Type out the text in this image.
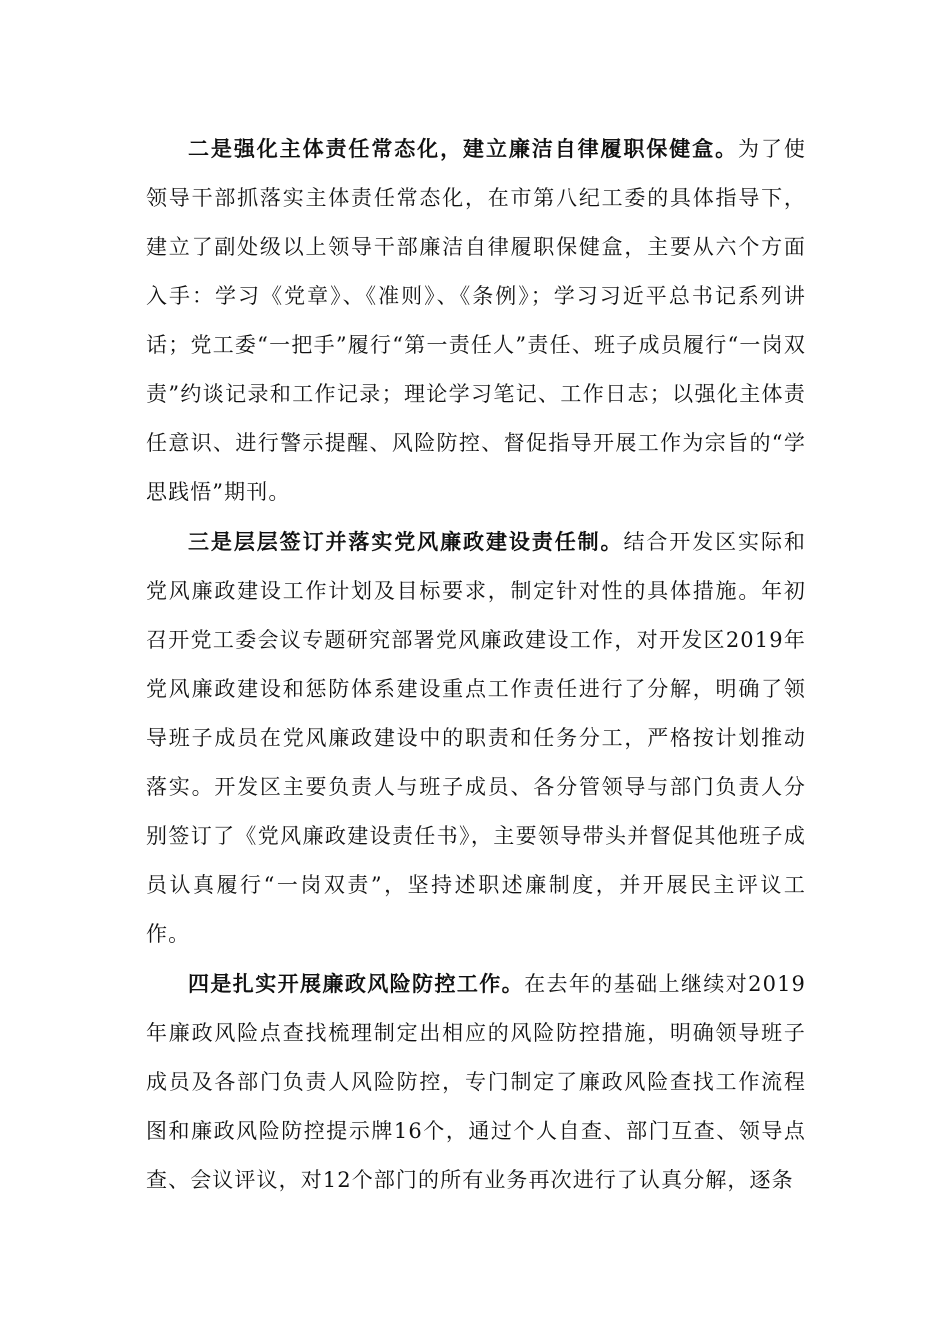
二是强化主体责任常态化，建立廉洁自律履职保健盒。为了使领导干部抓落实主体责任常态化，在市第八纪工委的具体指导下，建立了副处级以上领导干部廉洁自律履职保健盒，主要从六个方面入手：学习《党章》、《准则》、《条例》；学习习近平总书记系列讲话；党工委“一把手”履行“第一责任人”责任、班子成员履行“一岗双责”约谈记录和工作记录；理论学习笔记、工作日志；以强化主体责任意识、进行警示提醒、风险防控、督促指导开展工作为宗旨的“学思践悟”期刊。

三是层层签订并落实党风廉政建设责任制。结合开发区实际和党风廉政建设工作计划及目标要求，制定针对性的具体措施。年初召开党工委会议专题研究部署党风廉政建设工作，对开发区2019年党风廉政建设和惩防体系建设重点工作责任进行了分解，明确了领导班子成员在党风廉政建设中的职责和任务分工，严格按计划推动落实。开发区主要负责人与班子成员、各分管领导与部门负责人分别签订了《党风廉政建设责任书》，主要领导带头并督促其他班子成员认真履行“一岗双责”，坚持述职述廉制度，并开展民主评议工作。

四是扎实开展廉政风险防控工作。在去年的基础上继续对2019年廉政风险点查找梳理制定出相应的风险防控措施，明确领导班子成员及各部门负责人风险防控，专门制定了廉政风险查找工作流程图和廉政风险防控提示牌16个，通过个人自查、部门互查、领导点查、会议评议，对12个部门的所有业务再次进行了认真分解，逐条
